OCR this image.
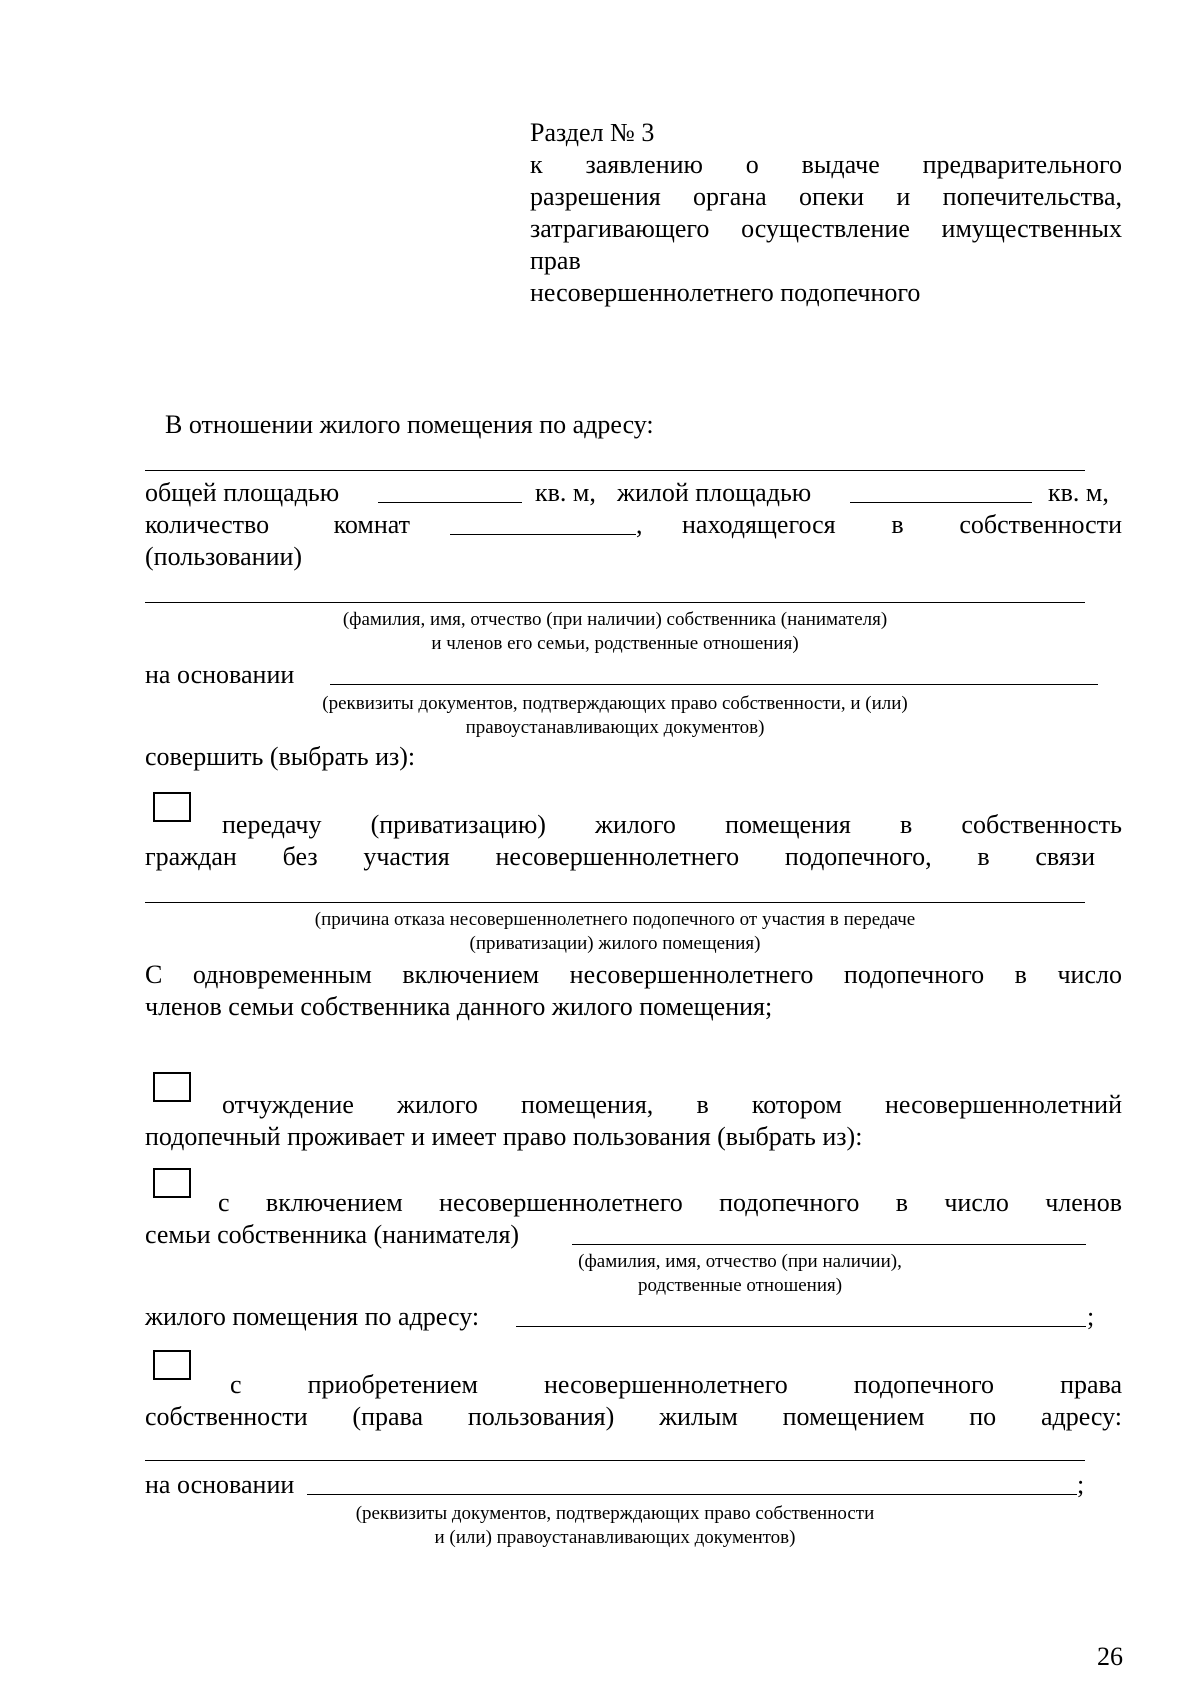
Раздел № 3
к заявлению о выдаче предварительного
разрешения органа опеки и попечительства,
затрагивающего осуществление имущественных
прав
несовершеннолетнего подопечного
В отношении жилого помещения по адресу:
общей площадью	кв. м, жилой площадью	кв. м,
количество комнат	, находящегося в собственности
(пользовании)
(фамилия, имя, отчество (при наличии) собственника (нанимателя)
и членов его семьи, родственные отношения)
на основании
(реквизиты документов, подтверждающих право собственности, и (или)
правоустанавливающих документов)
совершить (выбрать из):
передачу (приватизацию) жилого помещения в собственность
граждан без участия несовершеннолетнего подопечного, в связи
(причина отказа несовершеннолетнего подопечного от участия в передаче
(приватизации) жилого помещения)
С одновременным включением несовершеннолетнего подопечного в число
членов семьи собственника данного жилого помещения;
отчуждение жилого помещения, в котором несовершеннолетний
подопечный проживает и имеет право пользования (выбрать из):
с включением несовершеннолетнего подопечного в число членов
семьи собственника (нанимателя)
(фамилия, имя, отчество (при наличии),
родственные отношения)
жилого помещения по адресу:	;
с приобретением несовершеннолетнего подопечного права
собственности (права пользования) жилым помещением по адресу:
на основании	;
(реквизиты документов, подтверждающих право собственности
и (или) правоустанавливающих документов)
26
